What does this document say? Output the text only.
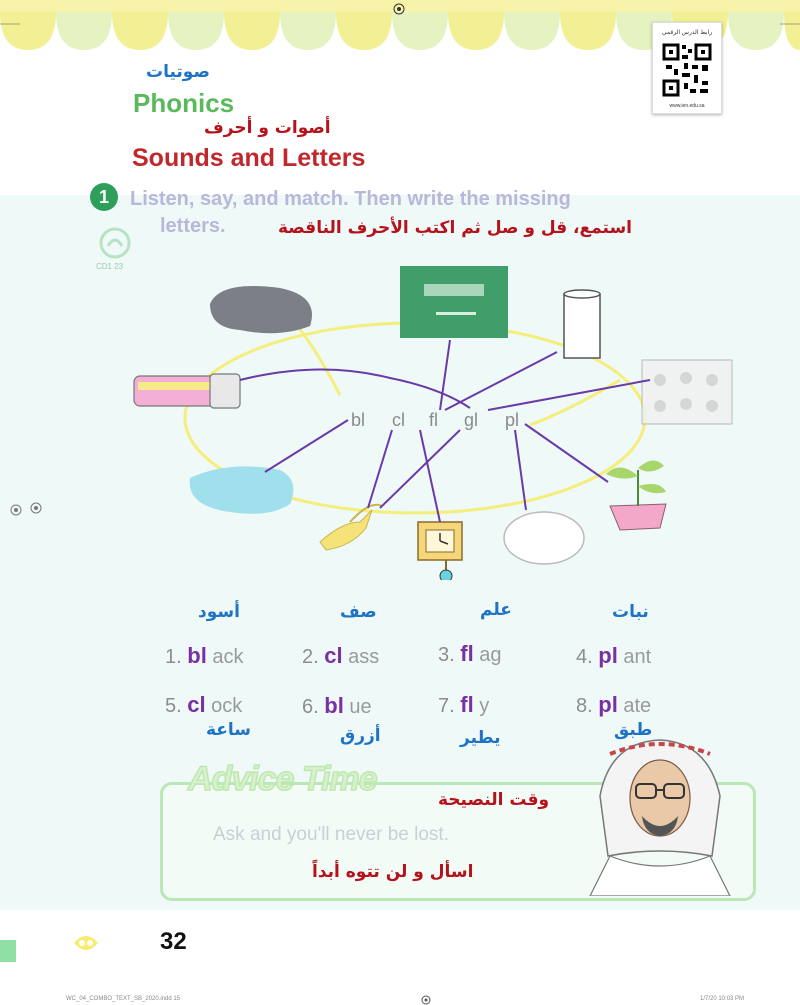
رابط الدرس الرقمي
www.ien.edu.sa
صوتيات
Phonics
أصوات و أحرف
Sounds and Letters
1	Listen, say, and match. Then write the missing
letters.	استمع، قل و صل ثم اكتب الأحرف الناقصة
CD1 23
bl cl fl gl pl
أسود	صف	علم	نبات
1. bl ack	2. cl ass	3. fl ag	4. pl ant
5. cl ock	6. bl ue	7. fl y	8. pl ate
ساعة	أزرق	يطير	طبق
Advice Time
وقت النصيحة
Ask and you'll never be lost.
اسأل و لن تتوه أبداً
32
WC_04_COMBO_TEXT_SB_2020.indd 15	1/7/20 10:03 PM
